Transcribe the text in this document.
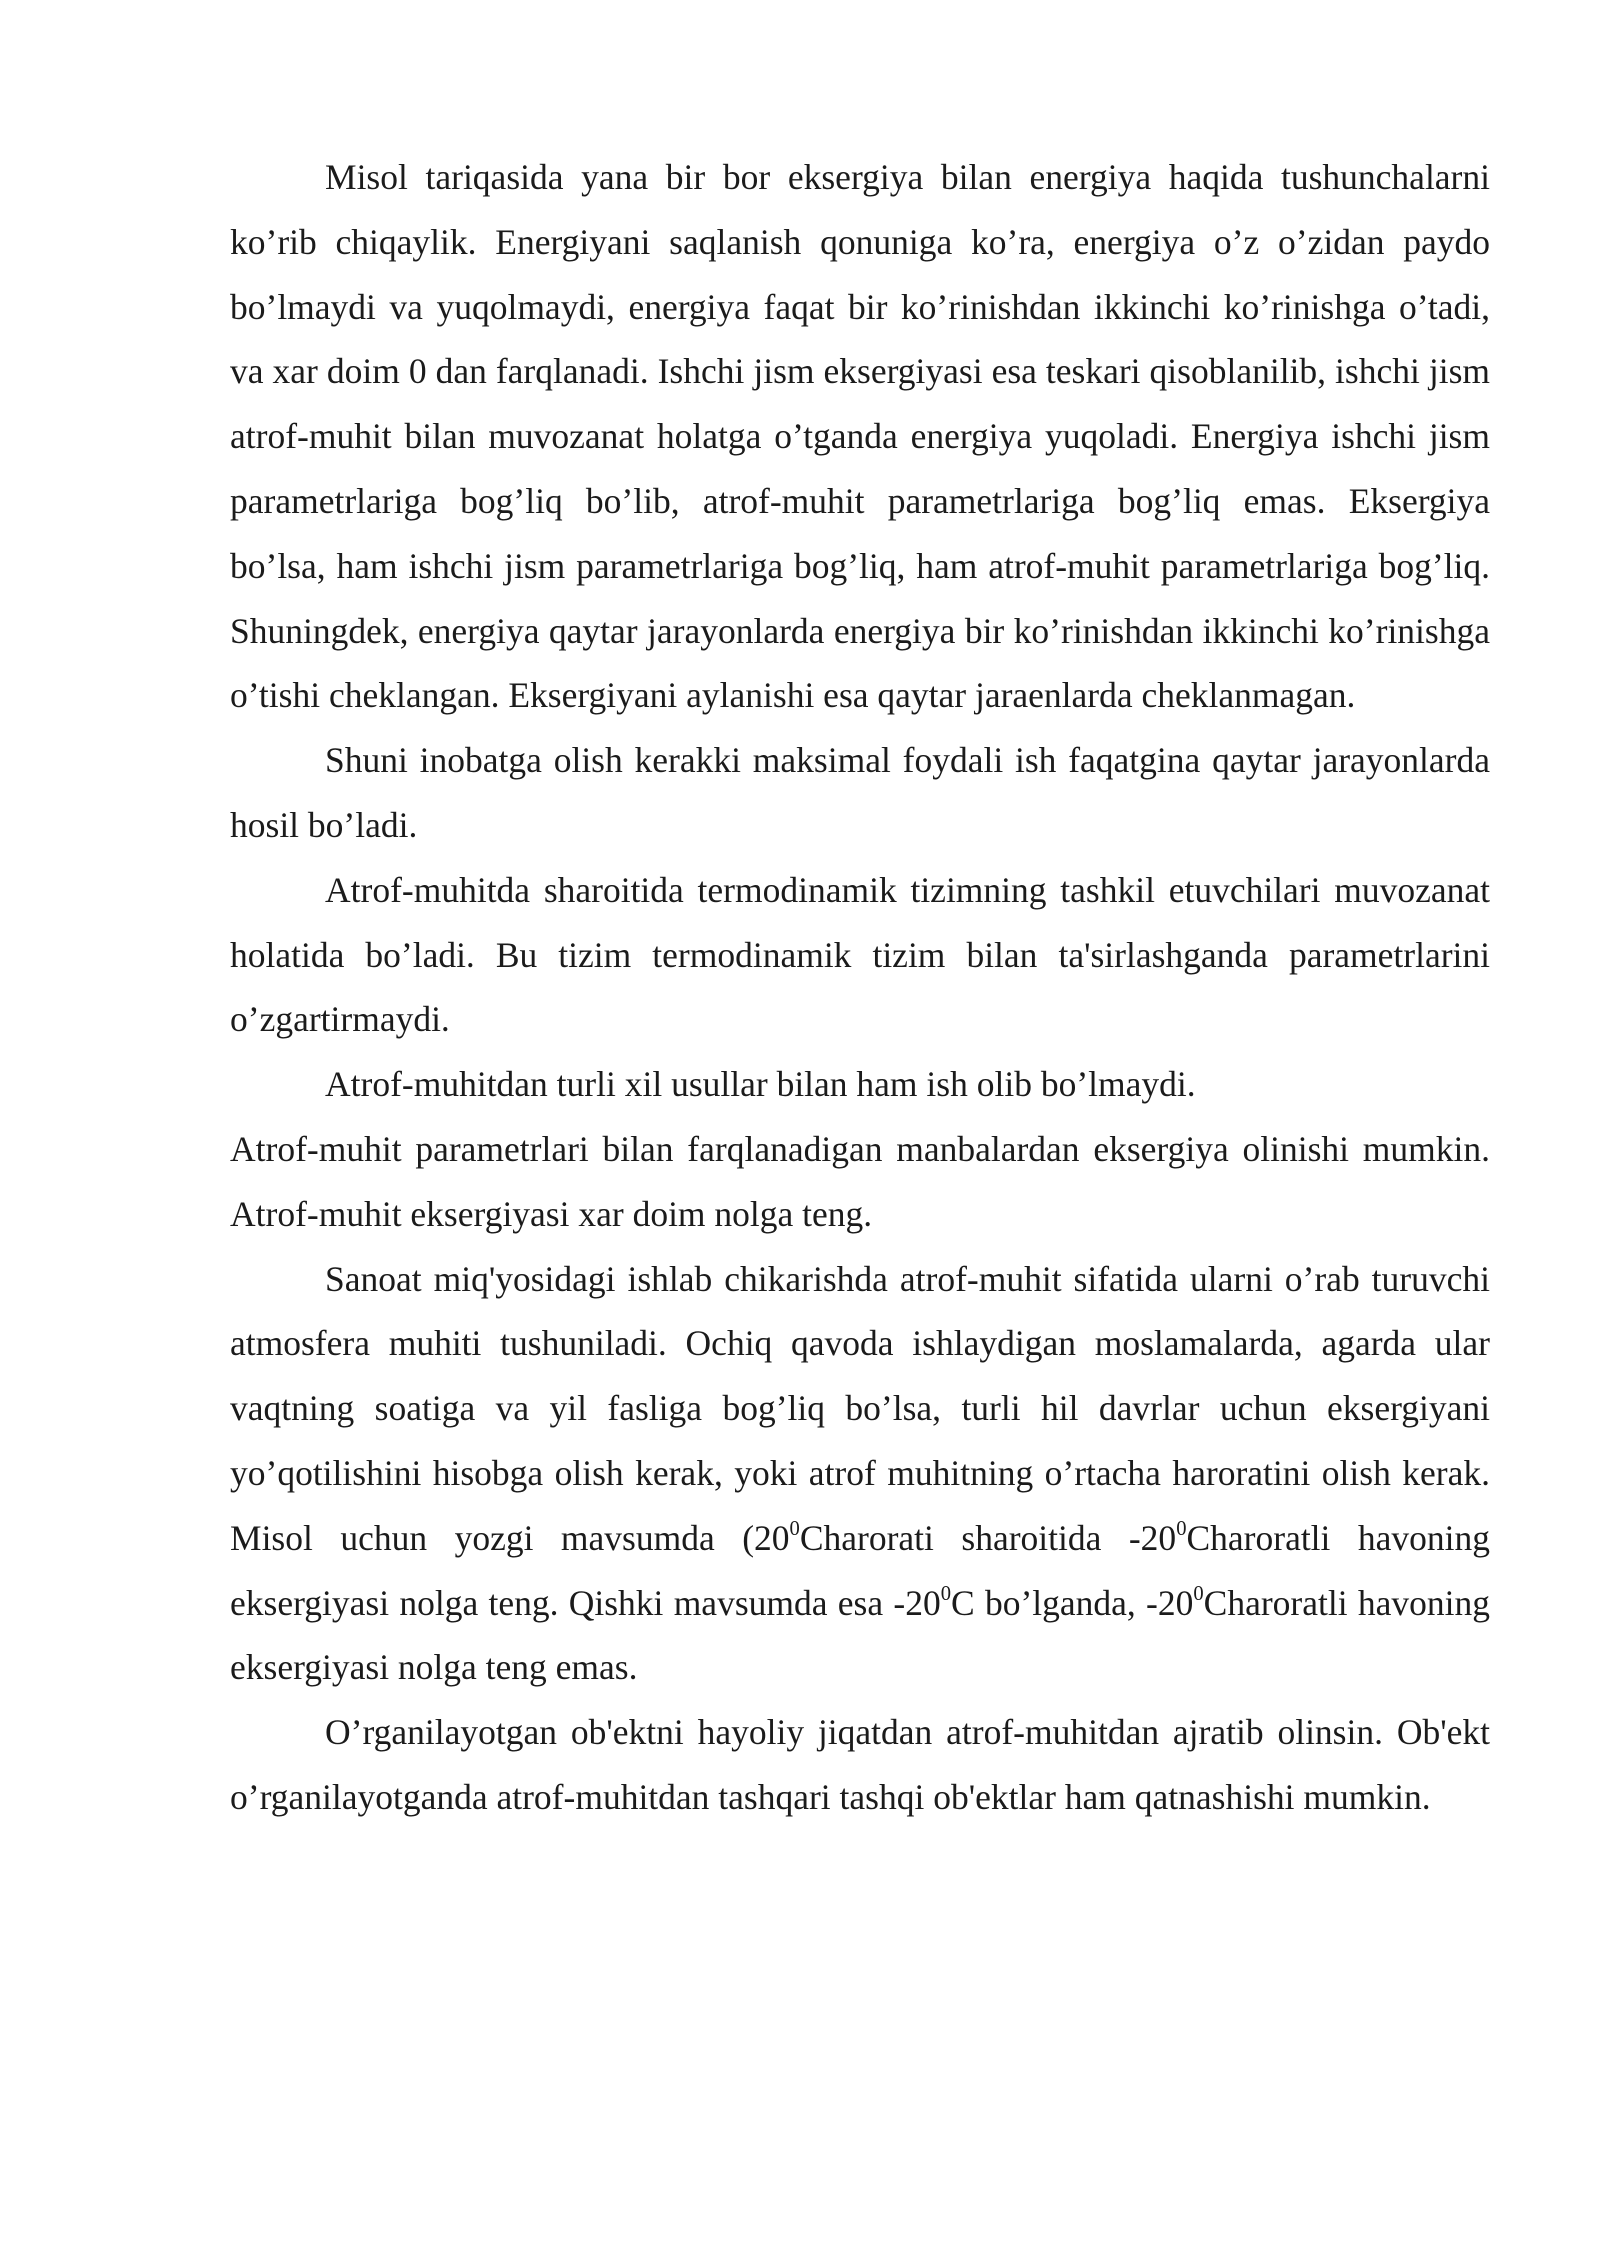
Misol tariqasida yana bir bor eksergiya bilan energiya haqida tushunchalarni ko’rib chiqaylik. Energiyani saqlanish qonuniga ko’ra, energiya o’z o’zidan paydo bo’lmaydi va yuqolmaydi, energiya faqat bir ko’rinishdan ikkinchi ko’rinishga o’tadi, va xar doim 0 dan farqlanadi. Ishchi jism eksergiyasi esa teskari qisoblanilib, ishchi jism atrof-muhit bilan muvozanat holatga o’tganda energiya yuqoladi. Energiya ishchi jism parametrlariga bog’liq bo’lib, atrof-muhit parametrlariga bog’liq emas. Eksergiya bo’lsa, ham ishchi jism parametrlariga bog’liq, ham atrof-muhit parametrlariga bog’liq. Shuningdek, energiya qaytar jarayonlarda energiya bir ko’rinishdan ikkinchi ko’rinishga o’tishi cheklangan. Eksergiyani aylanishi esa qaytar jaraenlarda cheklanmagan.

Shuni inobatga olish kerakki maksimal foydali ish faqatgina qaytar jarayonlarda hosil bo’ladi.

Atrof-muhitda sharoitida termodinamik tizimning tashkil etuvchilari muvozanat holatida bo’ladi. Bu tizim termodinamik tizim bilan ta'sirlashganda parametrlarini o’zgartirmaydi.

Atrof-muhitdan turli xil usullar bilan ham ish olib bo’lmaydi.

Atrof-muhit parametrlari bilan farqlanadigan manbalardan eksergiya olinishi mumkin. Atrof-muhit eksergiyasi xar doim nolga teng.

Sanoat miq'yosidagi ishlab chikarishda atrof-muhit sifatida ularni o’rab turuvchi atmosfera muhiti tushuniladi. Ochiq qavoda ishlaydigan moslamalarda, agarda ular vaqtning soatiga va yil fasliga bog’liq bo’lsa, turli hil davrlar uchun eksergiyani yo’qotilishini hisobga olish kerak, yoki atrof muhitning o’rtacha haroratini olish kerak. Misol uchun yozgi mavsumda ($20^0Charorati$ sharoitida $-20^0Charoratli$ havoning eksergiyasi nolga teng. Qishki mavsumda esa $-20^0C$ bo’lganda, $-20^0Charoratli$ havoning eksergiyasi nolga teng emas.

O’rganilayotgan ob'ektni hayoliy jiqatdan atrof-muhitdan ajratib olinsin. Ob'ekt o’rganilayotganda atrof-muhitdan tashqari tashqi ob'ektlar ham qatnashishi mumkin.
